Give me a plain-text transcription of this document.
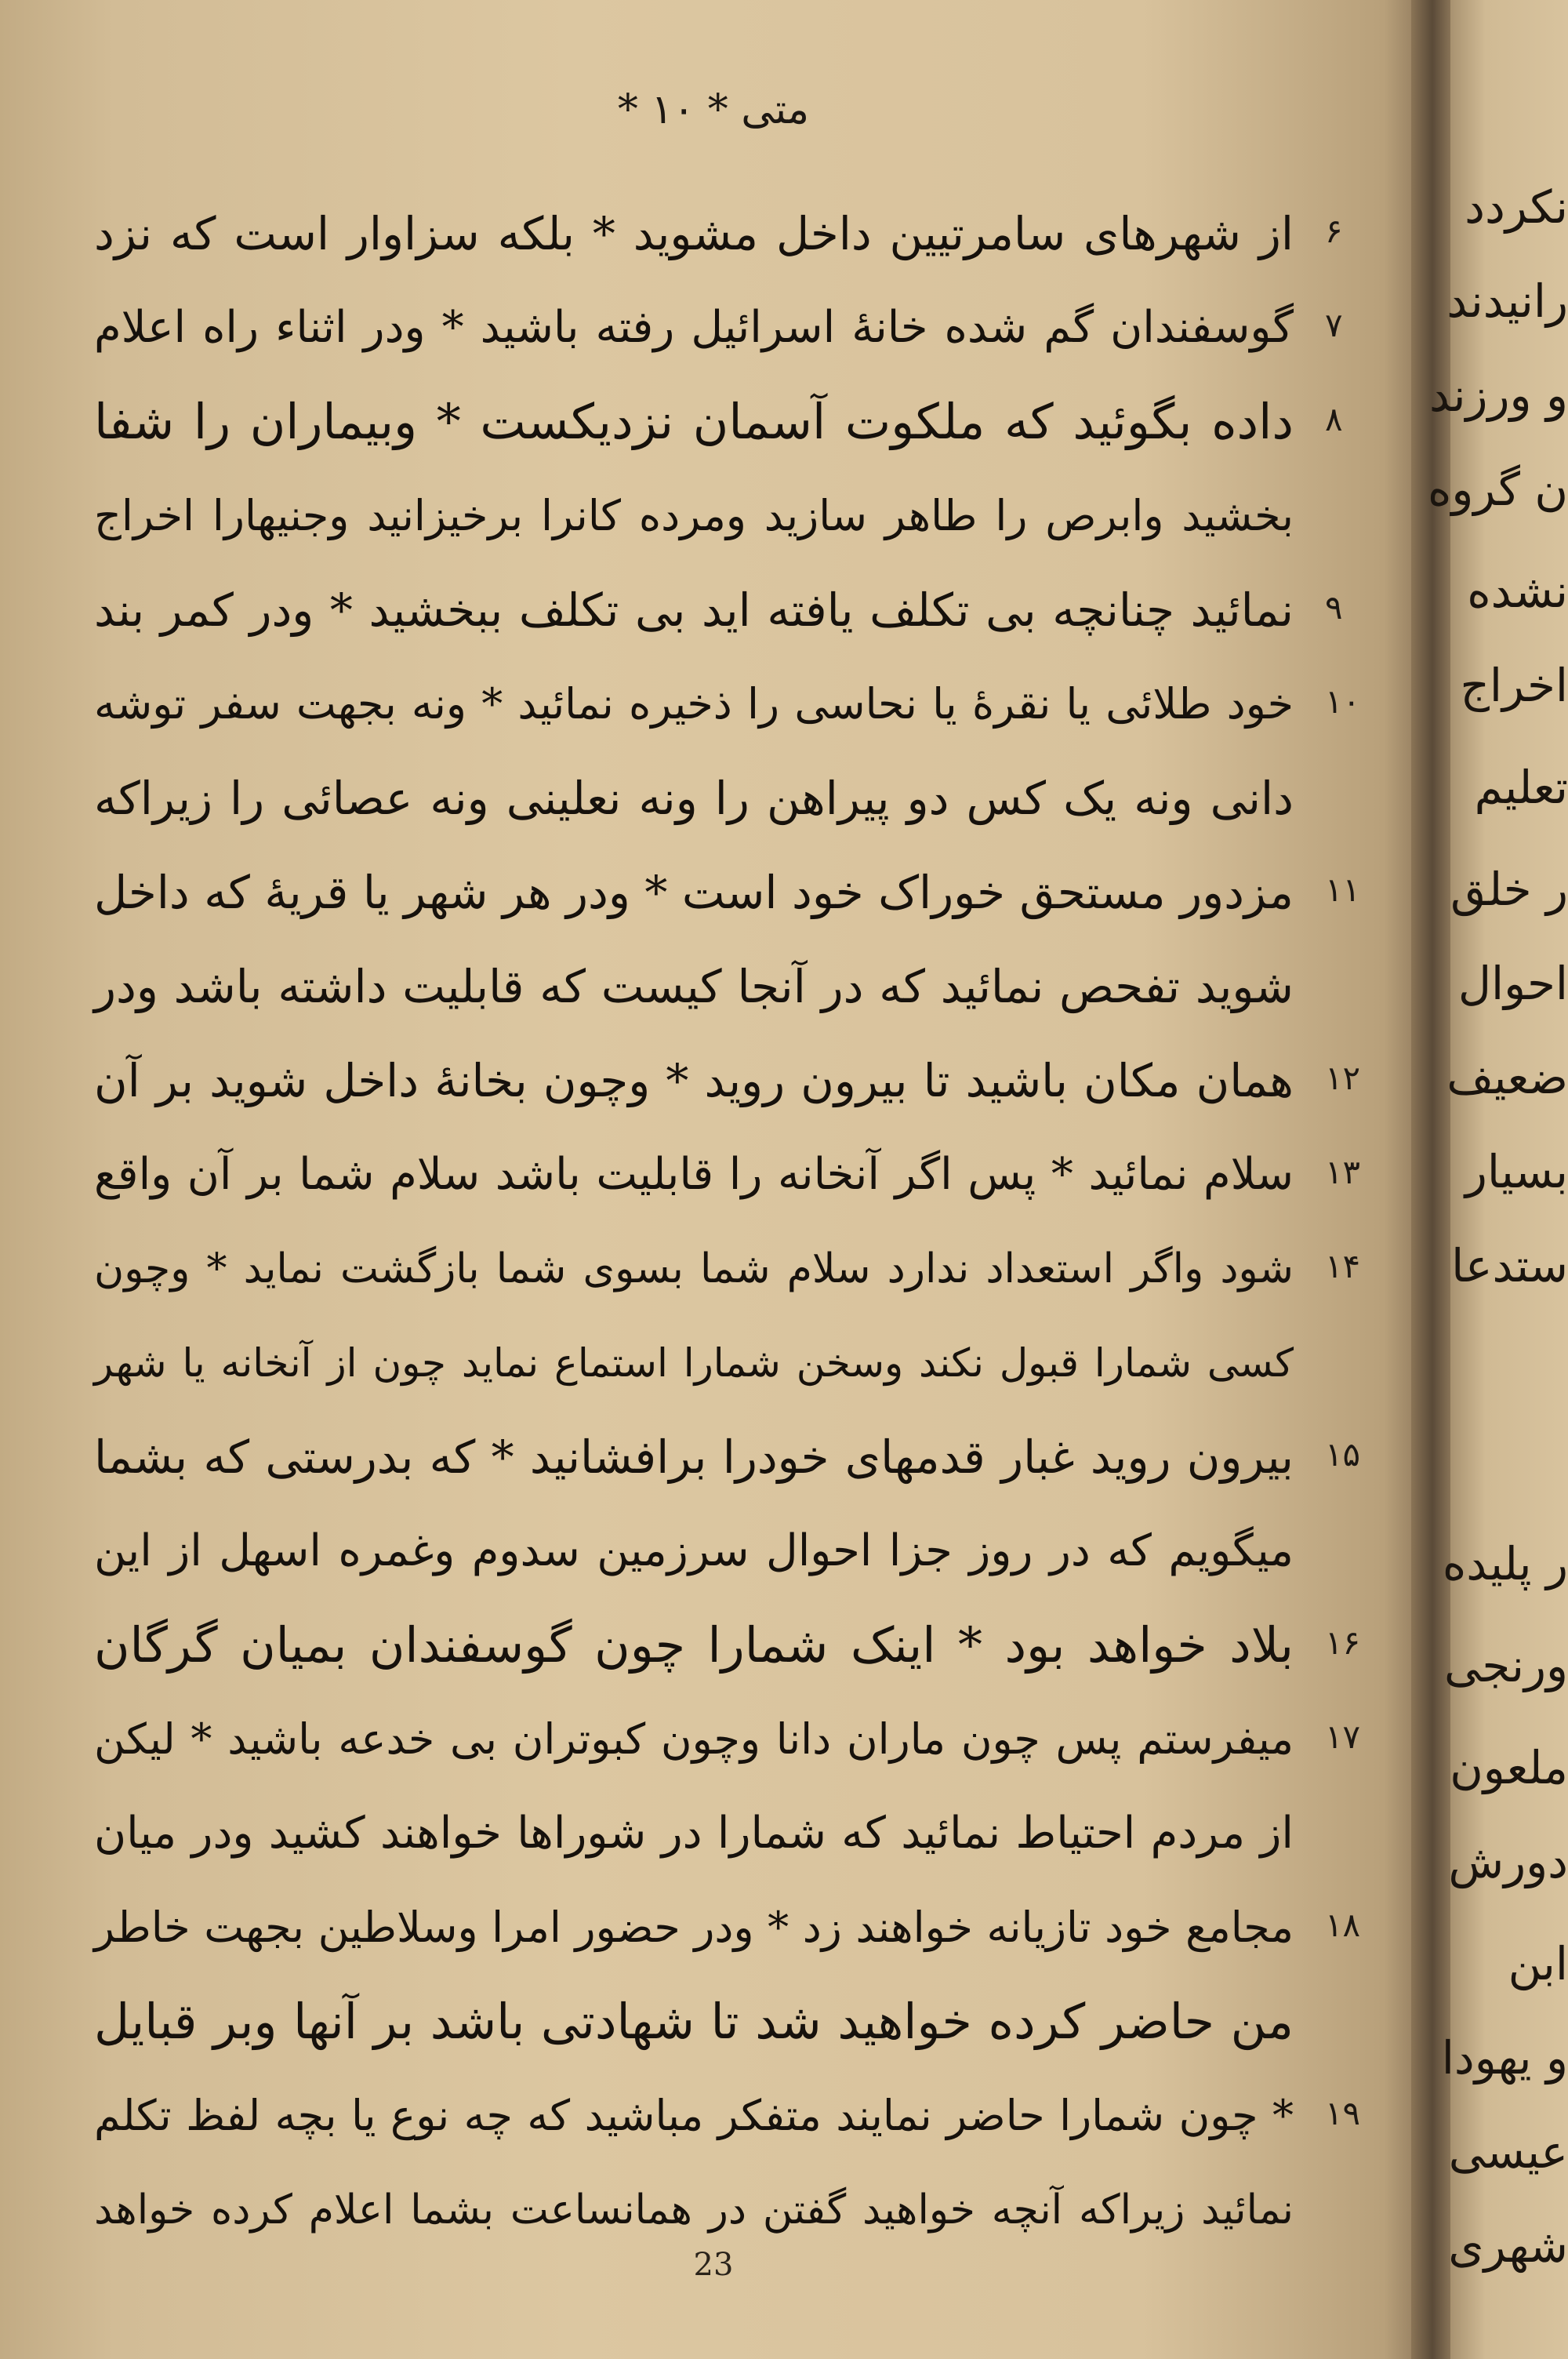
متی * ۱۰ *
از شهرهای سامرتیین داخل مشوید * بلکه سزاوار است که نزد ۶
گوسفندان گم شده خانهٔ اسرائیل رفته باشید * ودر اثناء راه اعلام ۷
داده بگوئید که ملکوت آسمان نزدیکست * وبیماران را شفا ۸
بخشید وابرص را طاهر سازید ومرده کانرا برخیزانید وجنیهارا اخراج
نمائید چنانچه بی تکلف یافته اید بی تکلف ببخشید * ودر کمر بند ۹
خود طلائی یا نقرهٔ یا نحاسی را ذخیره نمائید * ونه بجهت سفر توشه ۱۰
دانی ونه یک کس دو پیراهن را ونه نعلینی ونه عصائی را زیراکه
مزدور مستحق خوراک خود است * ودر هر شهر یا قریهٔ که داخل ۱۱
شوید تفحص نمائید که در آنجا کیست که قابلیت داشته باشد ودر
همان مکان باشید تا بیرون روید * وچون بخانهٔ داخل شوید بر آن ۱۲
سلام نمائید * پس اگر آنخانه را قابلیت باشد سلام شما بر آن واقع ۱۳
شود واگر استعداد ندارد سلام شما بسوی شما بازگشت نماید * وچون ۱۴
کسی شمارا قبول نکند وسخن شمارا استماع نماید چون از آنخانه یا شهر
بیرون روید غبار قدمهای خودرا برافشانید * که بدرستی که بشما ۱۵
میگویم که در روز جزا احوال سرزمین سدوم وغمره اسهل از این
بلاد خواهد بود * اینک شمارا چون گوسفندان بمیان گرگان ۱۶
میفرستم پس چون ماران دانا وچون کبوتران بی خدعه باشید * لیکن ۱۷
از مردم احتیاط نمائید که شمارا در شوراها خواهند کشید ودر میان
مجامع خود تازیانه خواهند زد * ودر حضور امرا وسلاطین بجهت خاطر ۱۸
من حاضر کرده خواهید شد تا شهادتی باشد بر آنها وبر قبایل
* چون شمارا حاضر نمایند متفکر مباشید که چه نوع یا بچه لفظ تکلم ۱۹
نمائید زیراکه آنچه خواهید گفتن در همانساعت بشما اعلام کرده خواهد
23
نکردد
رانیدند
و ورزند
ن گروه
نشده
اخراج
تعلیم
ر خلق
احوال
ضعیف
بسیار
ستدعا
ر پلیده
ورنجی
ملعون
دورش
ابن
و یهودا
عیسی
شهری
